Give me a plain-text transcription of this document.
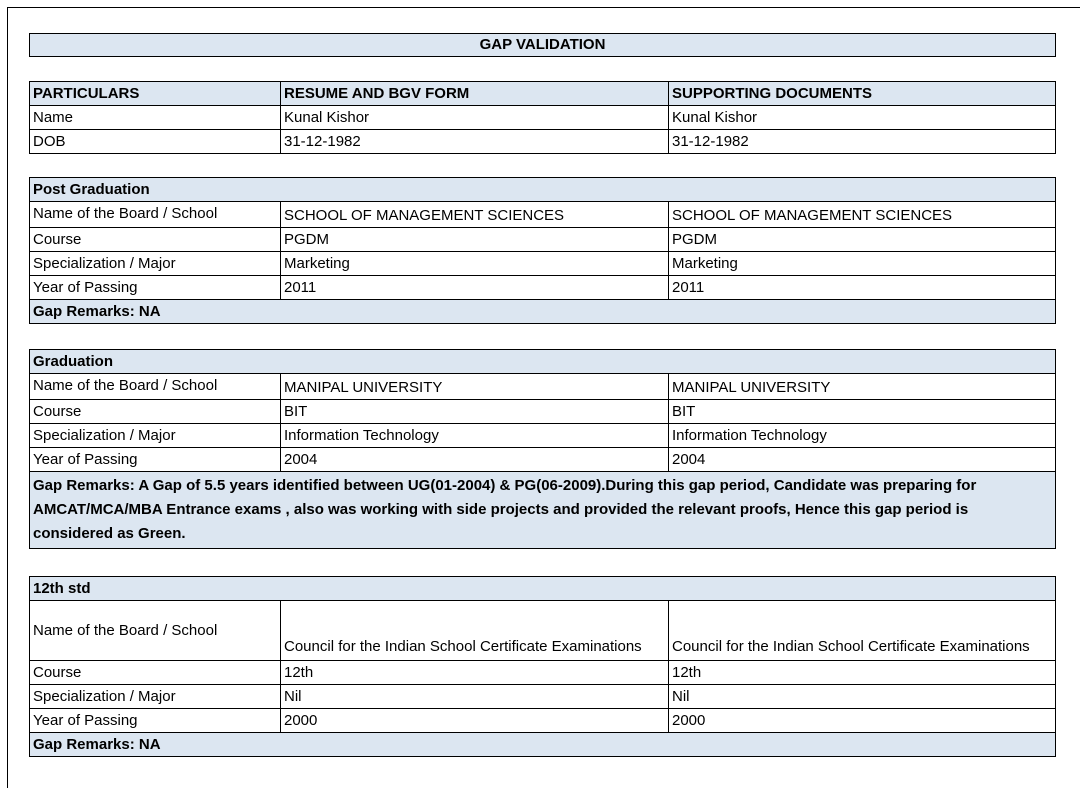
GAP VALIDATION
PARTICULARS	RESUME AND BGV FORM	SUPPORTING DOCUMENTS
Name	Kunal Kishor	Kunal Kishor
DOB	31-12-1982	31-12-1982
Post Graduation		
Name of the Board / School	SCHOOL OF MANAGEMENT SCIENCES	SCHOOL OF MANAGEMENT SCIENCES
Course	PGDM	PGDM
Specialization / Major	Marketing	Marketing
Year of Passing	2011	2011
Gap Remarks: NA		
Graduation		
Name of the Board / School	MANIPAL UNIVERSITY	MANIPAL UNIVERSITY
Course	BIT	BIT
Specialization / Major	Information Technology	Information Technology
Year of Passing	2004	2004
Gap Remarks: A Gap of 5.5 years identified between UG(01-2004) & PG(06-2009).During this gap period, Candidate was preparing for AMCAT/MCA/MBA Entrance exams , also was working with side projects and provided the relevant proofs, Hence this gap period is considered as Green.		
12th std		
Name of the Board / School	Council for the Indian School Certificate Examinations	Council for the Indian School Certificate Examinations
Course	12th	12th
Specialization / Major	Nil	Nil
Year of Passing	2000	2000
Gap Remarks: NA		
